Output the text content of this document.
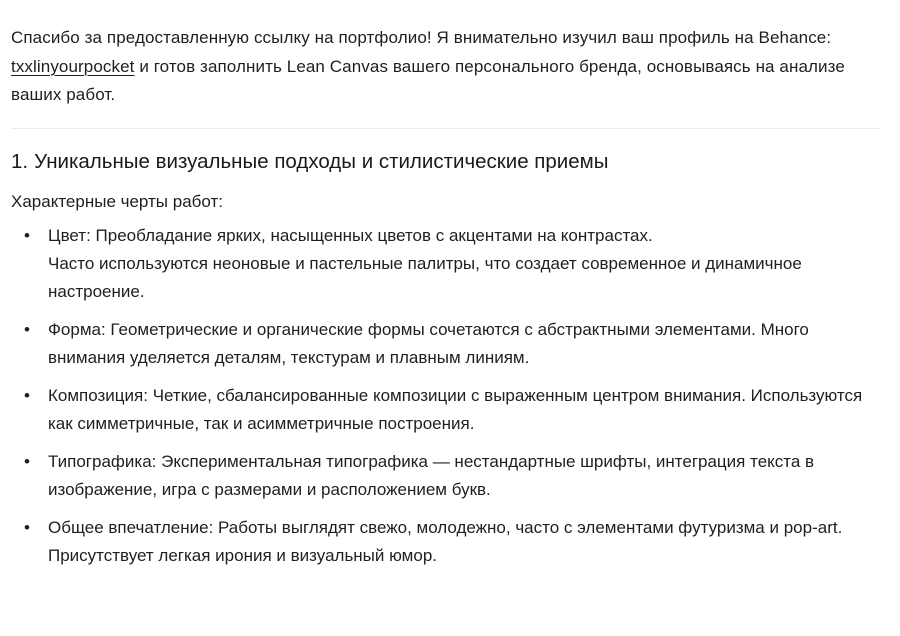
Спасибо за предоставленную ссылку на портфолио! Я внимательно изучил ваш профиль на Behance: txxlinyourpocket и готов заполнить Lean Canvas вашего персонального бренда, основываясь на анализе ваших работ.

1. Уникальные визуальные подходы и стилистические приемы

Характерные черты работ:

• Цвет: Преобладание ярких, насыщенных цветов с акцентами на контрастах.
Часто используются неоновые и пастельные палитры, что создает современное и динамичное настроение.
• Форма: Геометрические и органические формы сочетаются с абстрактными элементами. Много внимания уделяется деталям, текстурам и плавным линиям.
• Композиция: Четкие, сбалансированные композиции с выраженным центром внимания. Используются как симметричные, так и асимметричные построения.
• Типографика: Экспериментальная типографика — нестандартные шрифты, интеграция текста в изображение, игра с размерами и расположением букв.
• Общее впечатление: Работы выглядят свежо, молодежно, часто с элементами футуризма и pop-art. Присутствует легкая ирония и визуальный юмор.
